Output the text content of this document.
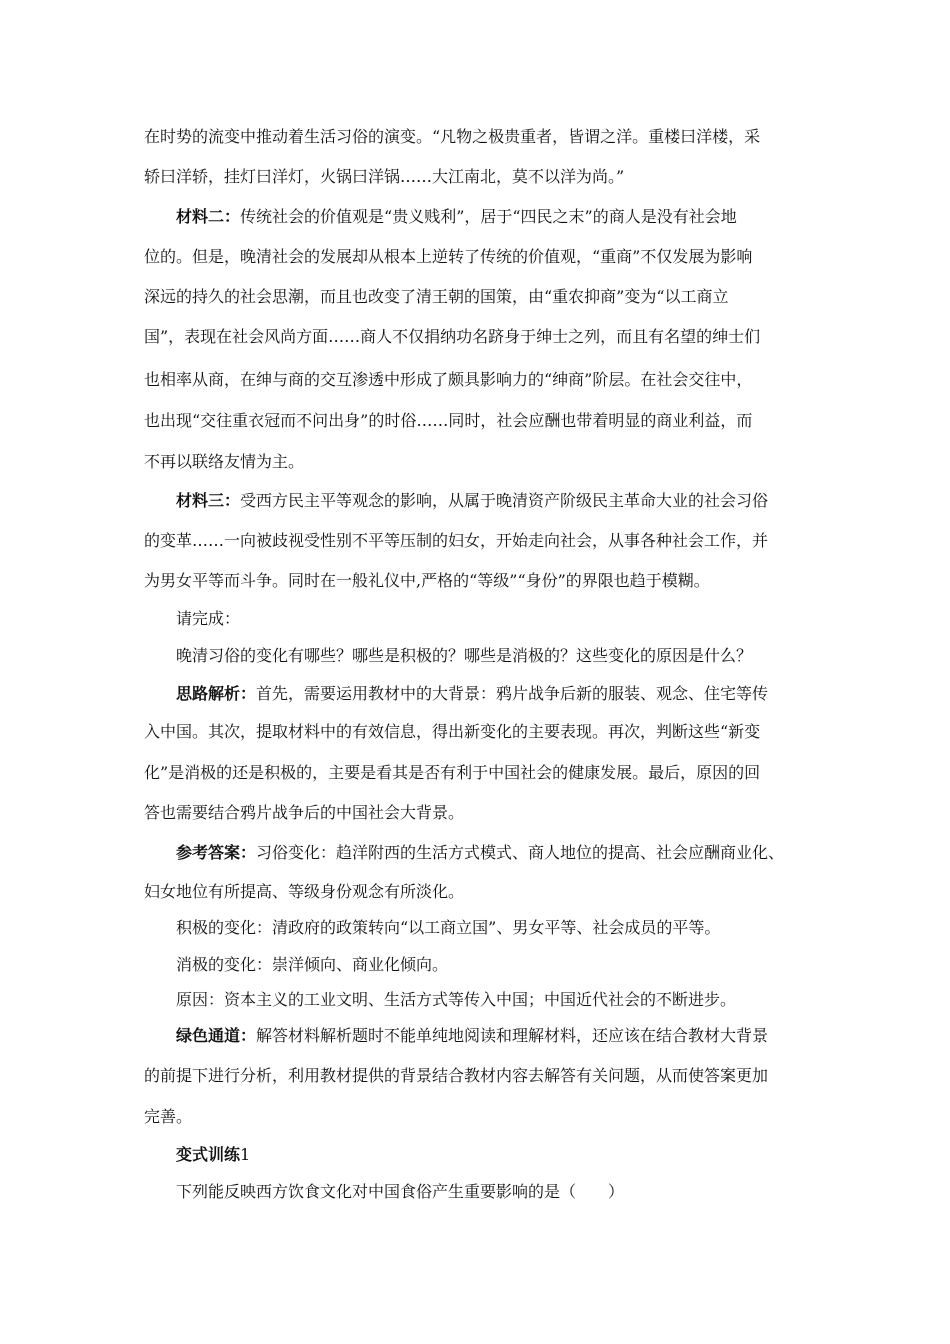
在时势的流变中推动着生活习俗的演变。“凡物之极贵重者，皆谓之洋。重楼曰洋楼，采
轿曰洋轿，挂灯曰洋灯，火锅曰洋锅……大江南北，莫不以洋为尚。”
材料二：传统社会的价值观是“贵义贱利”，居于“四民之末”的商人是没有社会地
位的。但是，晚清社会的发展却从根本上逆转了传统的价值观，“重商”不仅发展为影响
深远的持久的社会思潮，而且也改变了清王朝的国策，由“重农抑商”变为“以工商立
国”，表现在社会风尚方面……商人不仅捐纳功名跻身于绅士之列，而且有名望的绅士们
也相率从商，在绅与商的交互渗透中形成了颇具影响力的“绅商”阶层。在社会交往中，
也出现“交往重衣冠而不问出身”的时俗……同时，社会应酬也带着明显的商业利益，而
不再以联络友情为主。
材料三：受西方民主平等观念的影响，从属于晚清资产阶级民主革命大业的社会习俗
的变革……一向被歧视受性别不平等压制的妇女，开始走向社会，从事各种社会工作，并
为男女平等而斗争。同时在一般礼仪中,严格的“等级”“身份”的界限也趋于模糊。
请完成：
晚清习俗的变化有哪些？哪些是积极的？哪些是消极的？这些变化的原因是什么？
思路解析：首先，需要运用教材中的大背景：鸦片战争后新的服装、观念、住宅等传
入中国。其次，提取材料中的有效信息，得出新变化的主要表现。再次，判断这些“新变
化”是消极的还是积极的，主要是看其是否有利于中国社会的健康发展。最后，原因的回
答也需要结合鸦片战争后的中国社会大背景。
参考答案：习俗变化：趋洋附西的生活方式模式、商人地位的提高、社会应酬商业化、
妇女地位有所提高、等级身份观念有所淡化。
积极的变化：清政府的政策转向“以工商立国”、男女平等、社会成员的平等。
消极的变化：崇洋倾向、商业化倾向。
原因：资本主义的工业文明、生活方式等传入中国；中国近代社会的不断进步。
绿色通道：解答材料解析题时不能单纯地阅读和理解材料，还应该在结合教材大背景
的前提下进行分析，利用教材提供的背景结合教材内容去解答有关问题，从而使答案更加
完善。
变式训练1
下列能反映西方饮食文化对中国食俗产生重要影响的是（　　）
